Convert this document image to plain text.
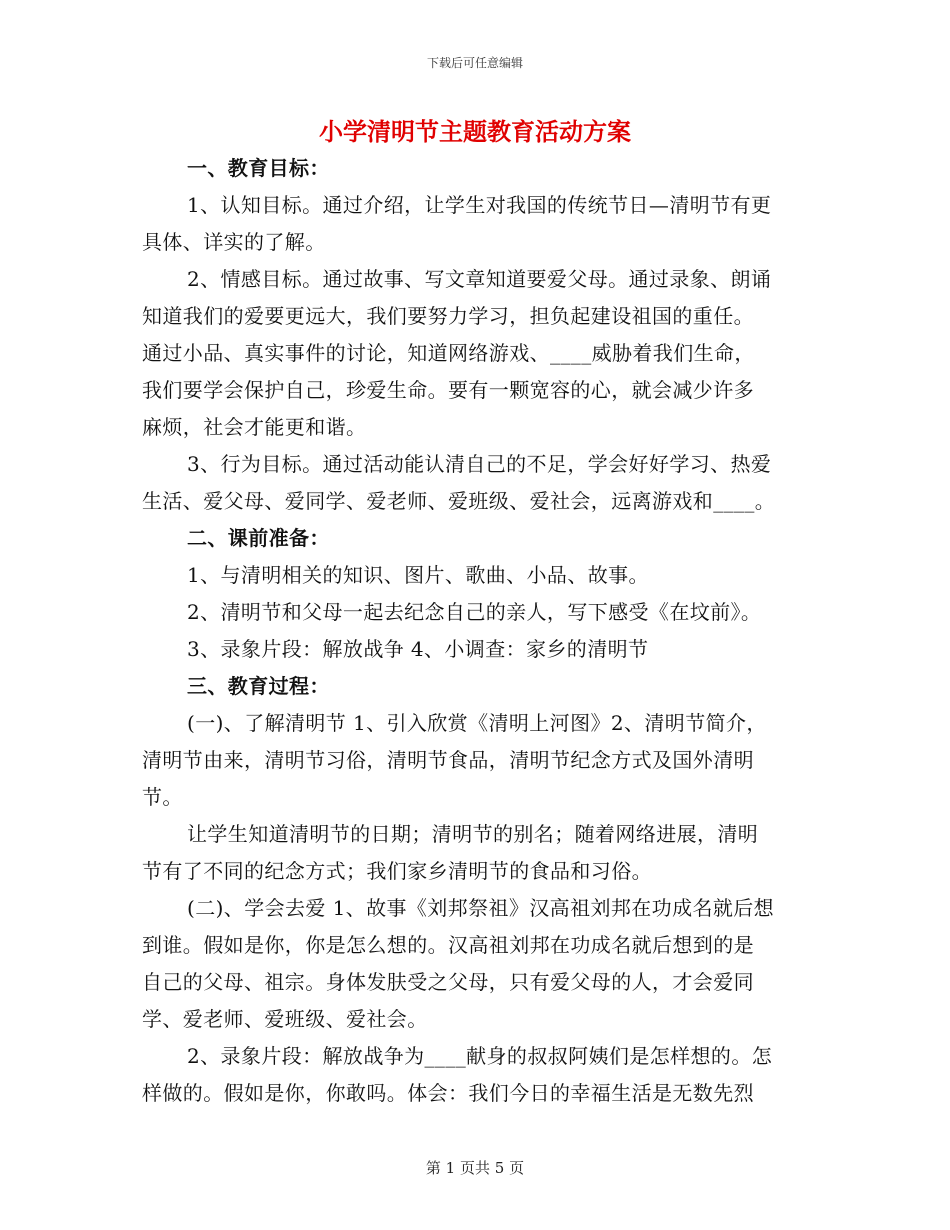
下载后可任意编辑
小学清明节主题教育活动方案
一、教育目标：
1、认知目标。通过介绍，让学生对我国的传统节日—清明节有更
具体、详实的了解。
2、情感目标。通过故事、写文章知道要爱父母。通过录象、朗诵
知道我们的爱要更远大，我们要努力学习，担负起建设祖国的重任。
通过小品、真实事件的讨论，知道网络游戏、____威胁着我们生命，
我们要学会保护自己，珍爱生命。要有一颗宽容的心，就会减少许多
麻烦，社会才能更和谐。
3、行为目标。通过活动能认清自己的不足，学会好好学习、热爱
生活、爱父母、爱同学、爱老师、爱班级、爱社会，远离游戏和____。
二、课前准备：
1、与清明相关的知识、图片、歌曲、小品、故事。
2、清明节和父母一起去纪念自己的亲人，写下感受《在坟前》。
3、录象片段：解放战争 4、小调查：家乡的清明节
三、教育过程：
(一)、了解清明节 1、引入欣赏《清明上河图》2、清明节简介，
清明节由来，清明节习俗，清明节食品，清明节纪念方式及国外清明
节。
让学生知道清明节的日期；清明节的别名；随着网络进展，清明
节有了不同的纪念方式；我们家乡清明节的食品和习俗。
(二)、学会去爱 1、故事《刘邦祭祖》汉高祖刘邦在功成名就后想
到谁。假如是你，你是怎么想的。汉高祖刘邦在功成名就后想到的是
自己的父母、祖宗。身体发肤受之父母，只有爱父母的人，才会爱同
学、爱老师、爱班级、爱社会。
2、录象片段：解放战争为____献身的叔叔阿姨们是怎样想的。怎
样做的。假如是你，你敢吗。体会：我们今日的幸福生活是无数先烈
第 1 页共 5 页
